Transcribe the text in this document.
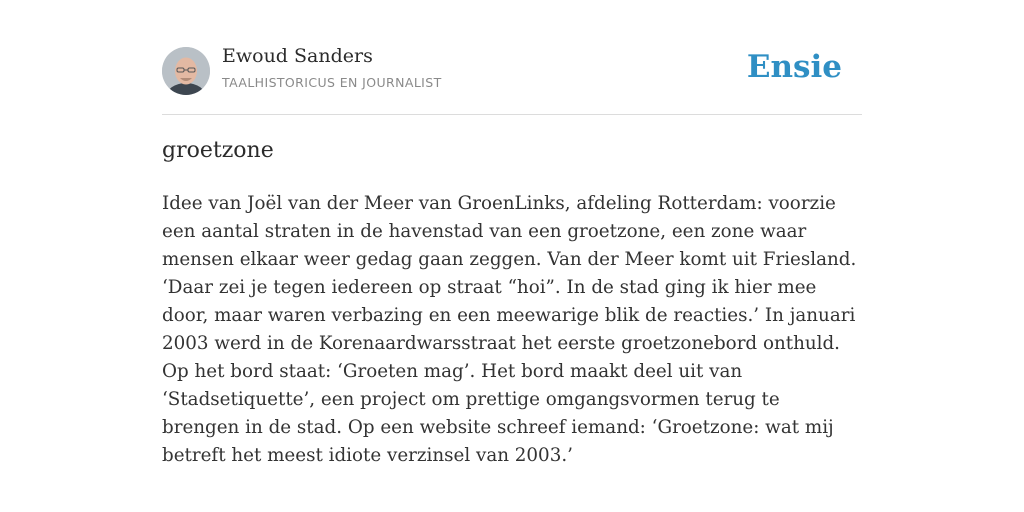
Ewoud Sanders
TAALHISTORICUS EN JOURNALIST	Ensie
groetzone

Idee van Joël van der Meer van GroenLinks, afdeling Rotterdam: voorzie een aantal straten in de havenstad van een groetzone, een zone waar mensen elkaar weer gedag gaan zeggen. Van der Meer komt uit Friesland. ‘Daar zei je tegen iedereen op straat “hoi”. In de stad ging ik hier mee door, maar waren verbazing en een meewarige blik de reacties.’ In januari 2003 werd in de Korenaardwarsstraat het eerste groetzonebord onthuld. Op het bord staat: ‘Groeten mag’. Het bord maakt deel uit van ‘Stadsetiquette’, een project om prettige omgangsvormen terug te brengen in de stad. Op een website schreef iemand: ‘Groetzone: wat mij betreft het meest idiote verzinsel van 2003.’
